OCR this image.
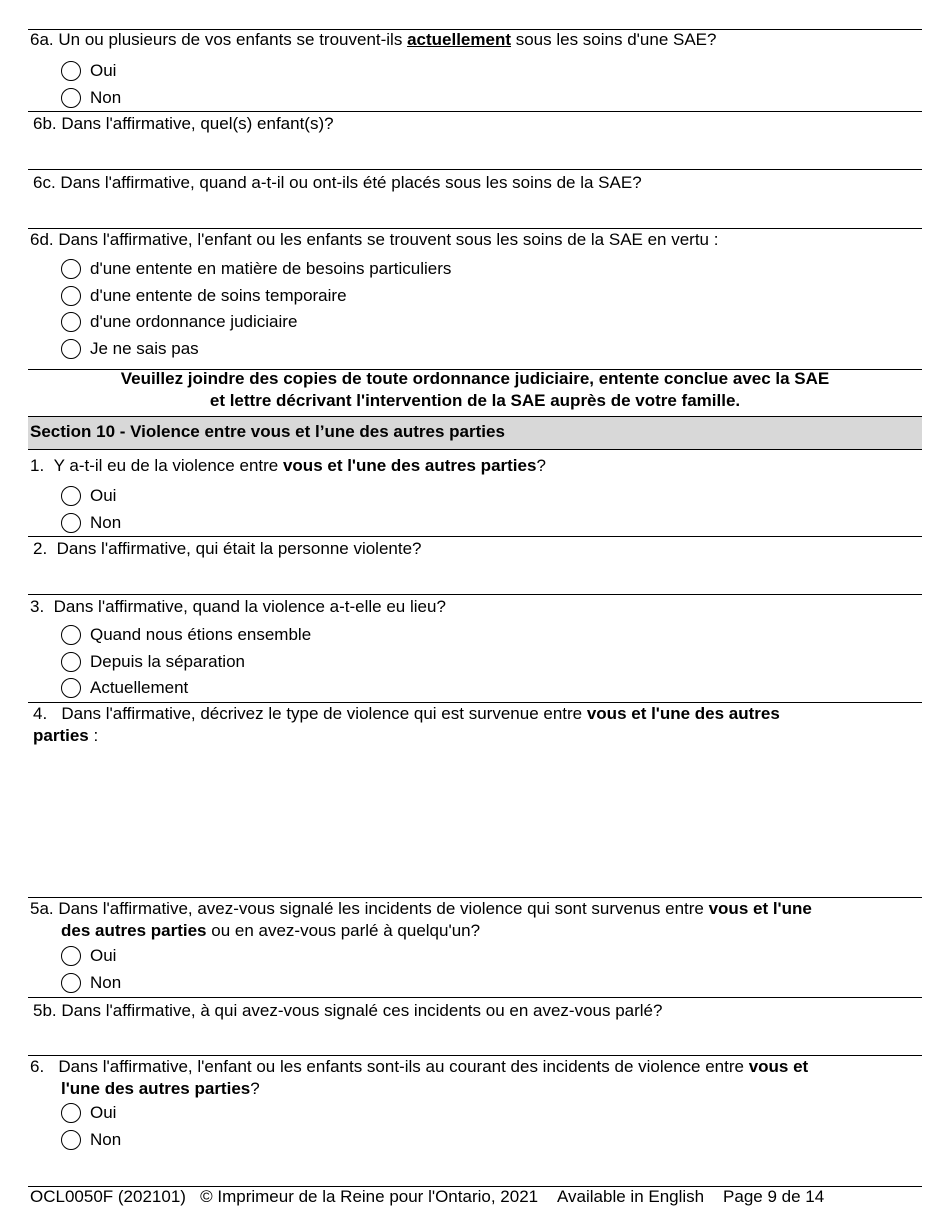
6a. Un ou plusieurs de vos enfants se trouvent-ils actuellement sous les soins d'une SAE?
Oui
Non
6b. Dans l'affirmative, quel(s) enfant(s)?
6c. Dans l'affirmative, quand a-t-il ou ont-ils été placés sous les soins de la SAE?
6d. Dans l'affirmative, l'enfant ou les enfants se trouvent sous les soins de la SAE en vertu :
d'une entente en matière de besoins particuliers
d'une entente de soins temporaire
d'une ordonnance judiciaire
Je ne sais pas
Veuillez joindre des copies de toute ordonnance judiciaire, entente conclue avec la SAE
et lettre décrivant l'intervention de la SAE auprès de votre famille.
Section 10 - Violence entre vous et l’une des autres parties
1. Y a-t-il eu de la violence entre vous et l'une des autres parties?
Oui
Non
2. Dans l'affirmative, qui était la personne violente?
3. Dans l'affirmative, quand la violence a-t-elle eu lieu?
Quand nous étions ensemble
Depuis la séparation
Actuellement
4. Dans l'affirmative, décrivez le type de violence qui est survenue entre vous et l'une des autres
parties :
5a. Dans l'affirmative, avez-vous signalé les incidents de violence qui sont survenus entre vous et l'une
des autres parties ou en avez-vous parlé à quelqu'un?
Oui
Non
5b. Dans l'affirmative, à qui avez-vous signalé ces incidents ou en avez-vous parlé?
6. Dans l'affirmative, l'enfant ou les enfants sont-ils au courant des incidents de violence entre vous et
l'une des autres parties?
Oui
Non
OCL0050F (202101) © Imprimeur de la Reine pour l'Ontario, 2021 Available in English Page 9 de 14
